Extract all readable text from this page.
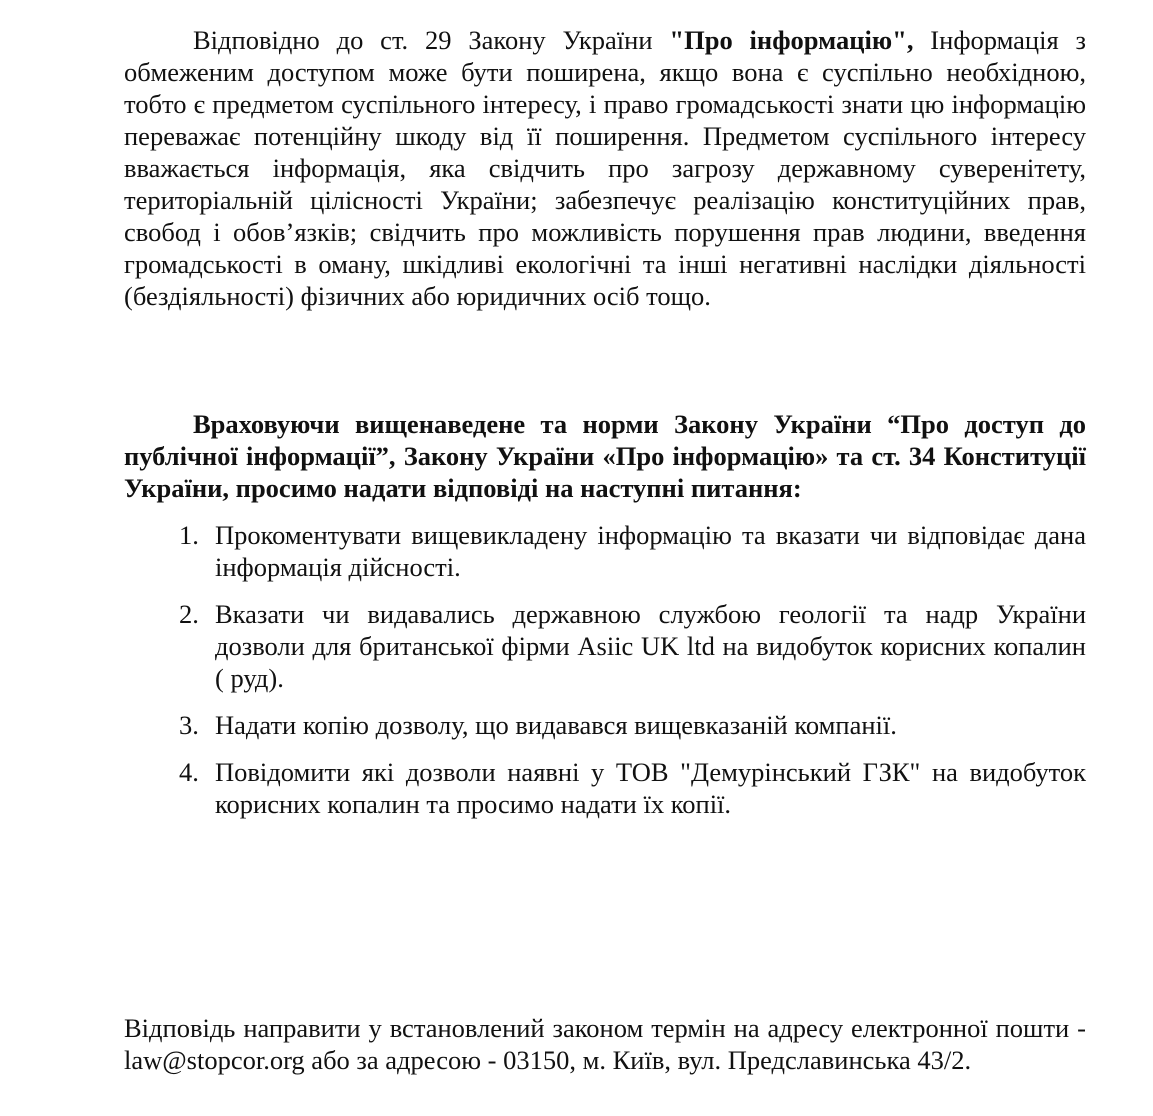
Відповідно до ст. 29 Закону України "Про інформацію", Інформація з обмеженим доступом може бути поширена, якщо вона є суспільно необхідною, тобто є предметом суспільного інтересу, і право громадськості знати цю інформацію переважає потенційну шкоду від її поширення. Предметом суспільного інтересу вважається інформація, яка свідчить про загрозу державному суверенітету, територіальній цілісності України; забезпечує реалізацію конституційних прав, свобод і обов’язків; свідчить про можливість порушення прав людини, введення громадськості в оману, шкідливі екологічні та інші негативні наслідки діяльності (бездіяльності) фізичних або юридичних осіб тощо.

Враховуючи вищенаведене та норми Закону України “Про доступ до публічної інформації”, Закону України «Про інформацію» та ст. 34 Конституції України, просимо надати відповіді на наступні питання:

1. Прокоментувати вищевикладену інформацію та вказати чи відповідає дана інформація дійсності.
2. Вказати чи видавались державною службою геології та надр України дозволи для британської фірми Asiic UK ltd на видобуток корисних копалин ( руд).
3. Надати копію дозволу, що видавався вищевказаній компанії.
4. Повідомити які дозволи наявні у ТОВ "Демурінський ГЗК" на видобуток корисних копалин та просимо надати їх копії.

Відповідь направити у встановлений законом термін на адресу електронної пошти - law@stopcor.org або за адресою - 03150, м. Київ, вул. Предславинська 43/2.
